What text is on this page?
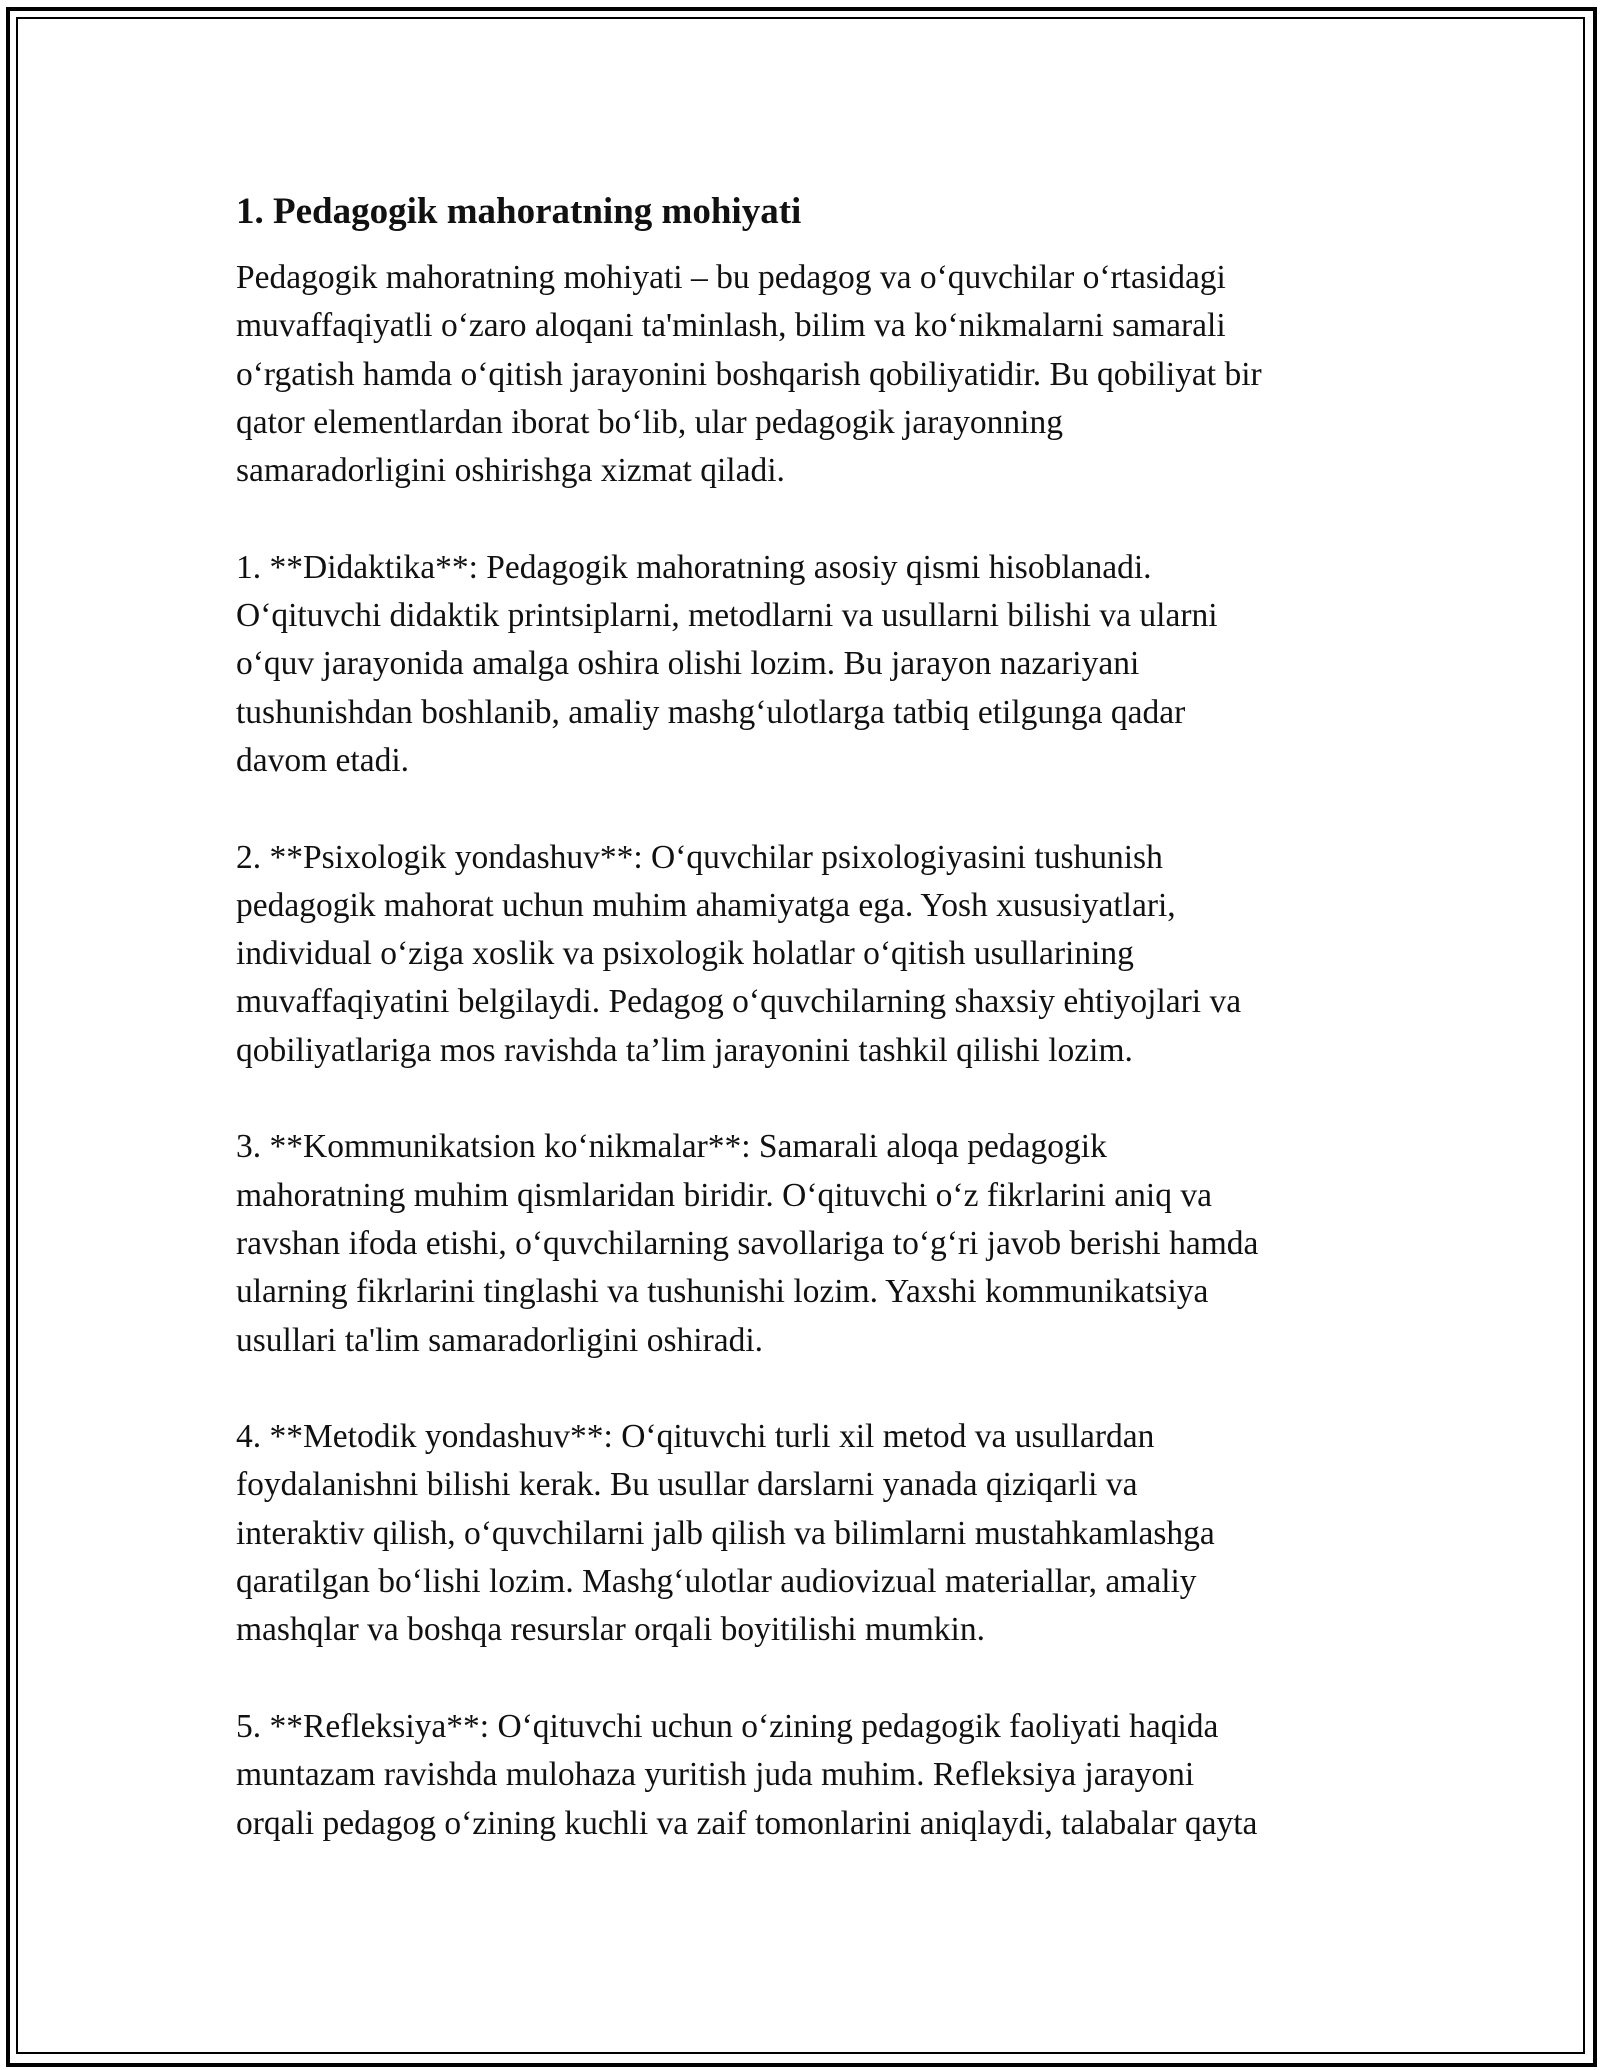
1. Pedagogik mahoratning mohiyati

Pedagogik mahoratning mohiyati – bu pedagog va o‘quvchilar o‘rtasidagi
muvaffaqiyatli o‘zaro aloqani ta'minlash, bilim va ko‘nikmalarni samarali
o‘rgatish hamda o‘qitish jarayonini boshqarish qobiliyatidir. Bu qobiliyat bir
qator elementlardan iborat bo‘lib, ular pedagogik jarayonning
samaradorligini oshirishga xizmat qiladi.

1. **Didaktika**: Pedagogik mahoratning asosiy qismi hisoblanadi.
O‘qituvchi didaktik printsiplarni, metodlarni va usullarni bilishi va ularni
o‘quv jarayonida amalga oshira olishi lozim. Bu jarayon nazariyani
tushunishdan boshlanib, amaliy mashg‘ulotlarga tatbiq etilgunga qadar
davom etadi.

2. **Psixologik yondashuv**: O‘quvchilar psixologiyasini tushunish
pedagogik mahorat uchun muhim ahamiyatga ega. Yosh xususiyatlari,
individual o‘ziga xoslik va psixologik holatlar o‘qitish usullarining
muvaffaqiyatini belgilaydi. Pedagog o‘quvchilarning shaxsiy ehtiyojlari va
qobiliyatlariga mos ravishda ta’lim jarayonini tashkil qilishi lozim.

3. **Kommunikatsion ko‘nikmalar**: Samarali aloqa pedagogik
mahoratning muhim qismlaridan biridir. O‘qituvchi o‘z fikrlarini aniq va
ravshan ifoda etishi, o‘quvchilarning savollariga to‘g‘ri javob berishi hamda
ularning fikrlarini tinglashi va tushunishi lozim. Yaxshi kommunikatsiya
usullari ta'lim samaradorligini oshiradi.

4. **Metodik yondashuv**: O‘qituvchi turli xil metod va usullardan
foydalanishni bilishi kerak. Bu usullar darslarni yanada qiziqarli va
interaktiv qilish, o‘quvchilarni jalb qilish va bilimlarni mustahkamlashga
qaratilgan bo‘lishi lozim. Mashg‘ulotlar audiovizual materiallar, amaliy
mashqlar va boshqa resurslar orqali boyitilishi mumkin.

5. **Refleksiya**: O‘qituvchi uchun o‘zining pedagogik faoliyati haqida
muntazam ravishda mulohaza yuritish juda muhim. Refleksiya jarayoni
orqali pedagog o‘zining kuchli va zaif tomonlarini aniqlaydi, talabalar qayta
